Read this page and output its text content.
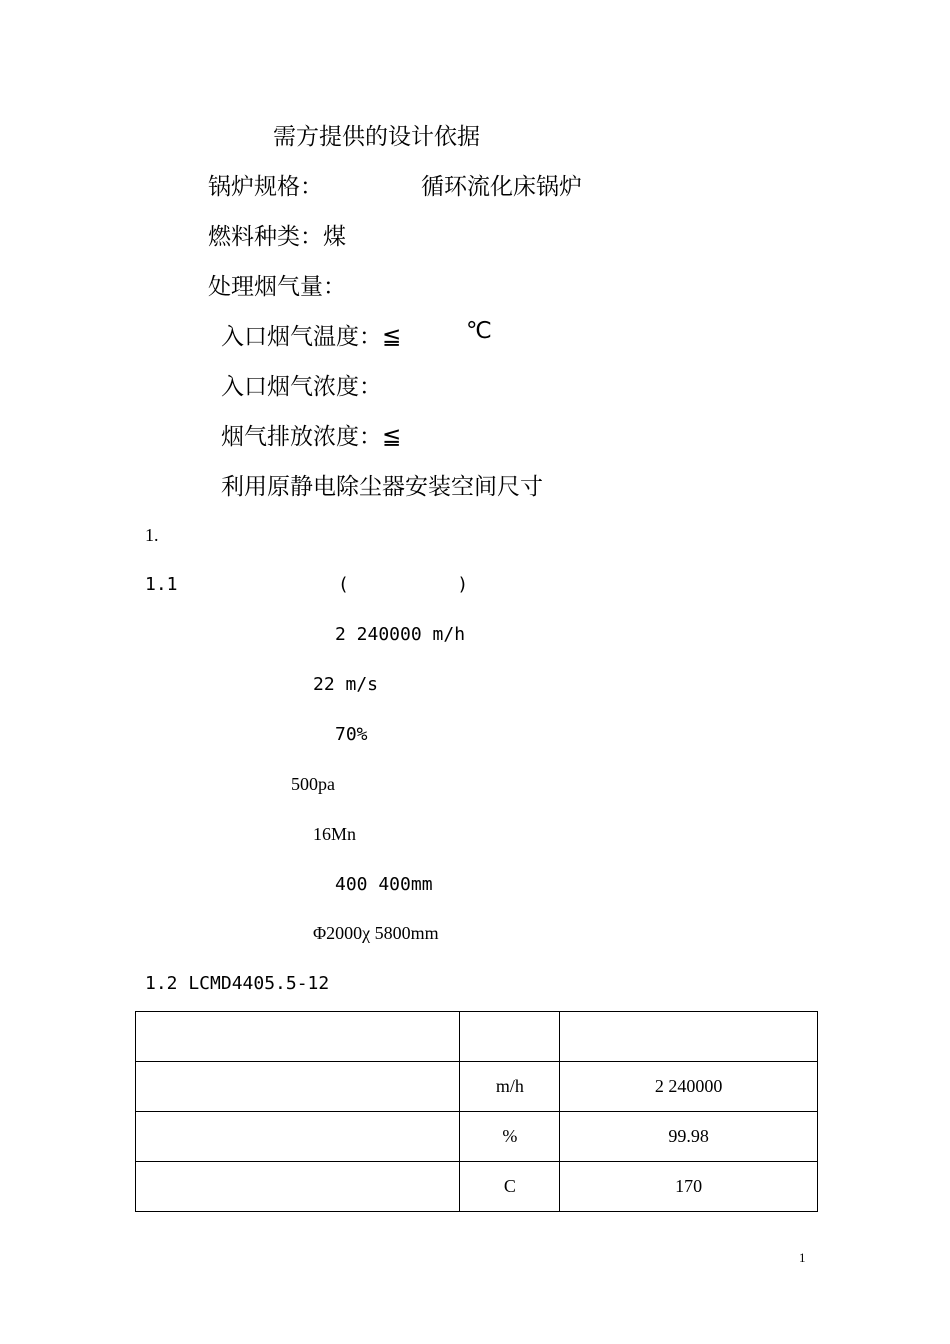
需方提供的设计依据
锅炉规格：	循环流化床锅炉
燃料种类：煤
处理烟气量：
入口烟气温度：≦	℃
入口烟气浓度：
烟气排放浓度：≦
利用原静电除尘器安装空间尺寸
1.
1.1	(          )
2 240000 m/h
22 m/s
70%
500pa
16Mn
400 400mm
Φ2000χ 5800mm
1.2 LCMD4405.5-12

	m/h	2 240000
	%	99.98
	C	170
1
